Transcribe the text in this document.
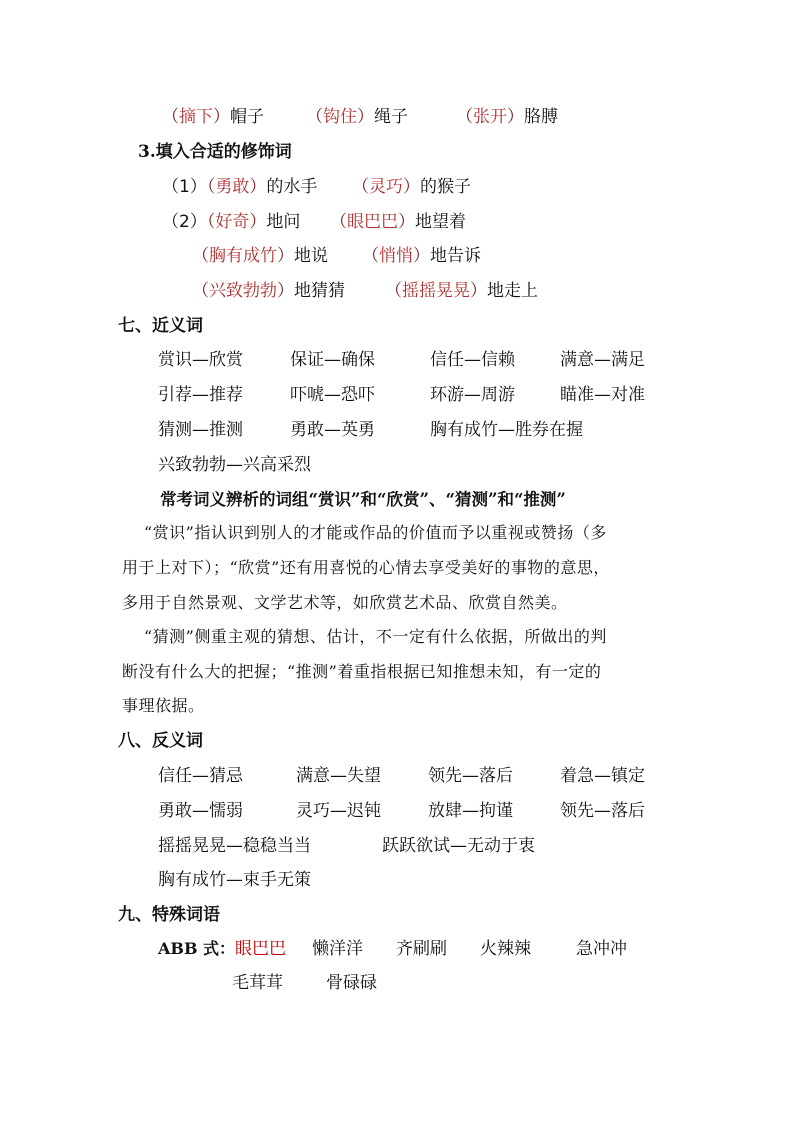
（摘下）帽子 （钩住）绳子	（张开）胳膊
3.填入合适的修饰词
（1）（勇敢）的水手 （灵巧）的猴子
（2）（好奇）地问 （眼巴巴）地望着
（胸有成竹）地说 （悄悄）地告诉
（兴致勃勃）地猜猜 （摇摇晃晃）地走上
七、近义词
赏识—欣赏	保证—确保	信任—信赖	满意—满足
引荐—推荐	吓唬—恐吓	环游—周游	瞄准—对准
猜测—推测	勇敢—英勇	胸有成竹—胜券在握
兴致勃勃—兴高采烈
常考词义辨析的词组“赏识”和“欣赏”、“猜测”和“推测”
“赏识”指认识到别人的才能或作品的价值而予以重视或赞扬（多
用于上对下）；“欣赏”还有用喜悦的心情去享受美好的事物的意思，
多用于自然景观、文学艺术等，如欣赏艺术品、欣赏自然美。
“猜测”侧重主观的猜想、估计，不一定有什么依据，所做出的判
断没有什么大的把握；“推测”着重指根据已知推想未知，有一定的
事理依据。
八、反义词
信任—猜忌	满意—失望	领先—落后	着急—镇定
勇敢—懦弱	灵巧—迟钝	放肆—拘谨	领先—落后
摇摇晃晃—稳稳当当	跃跃欲试—无动于衷
胸有成竹—束手无策
九、特殊词语
ABB 式：眼巴巴 懒洋洋 齐刷刷 火辣辣	急冲冲
毛茸茸	骨碌碌
